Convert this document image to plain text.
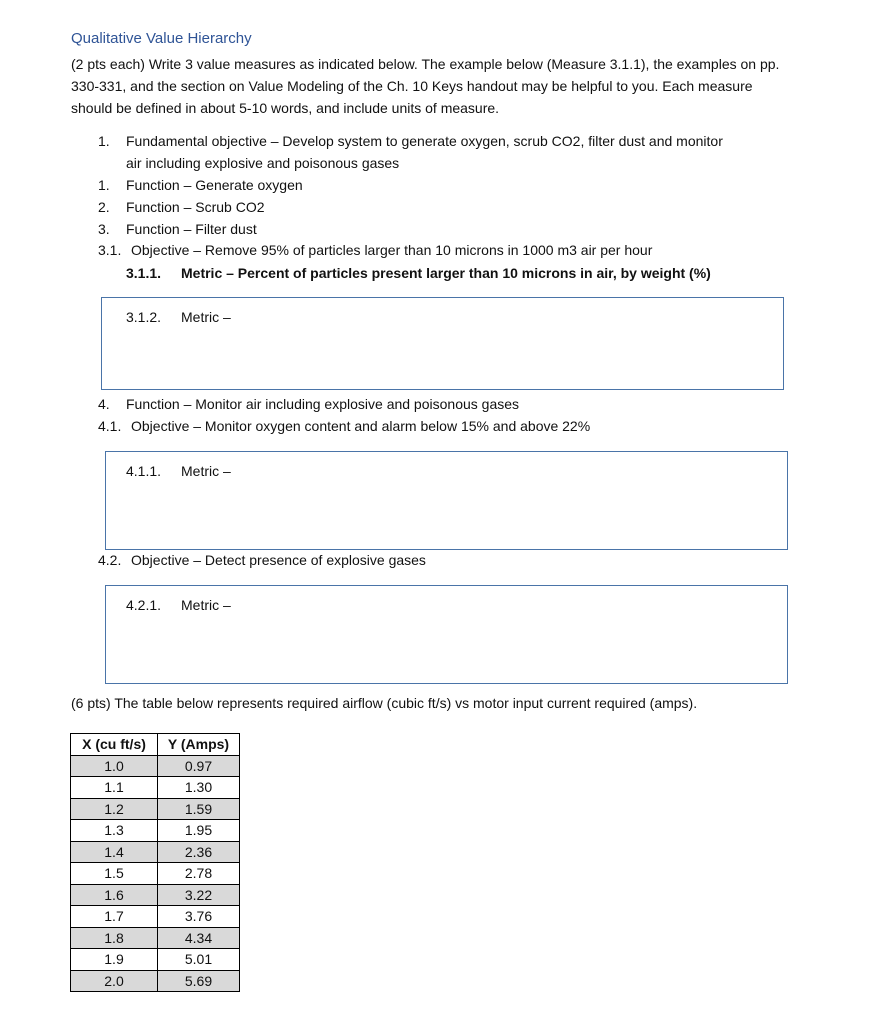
Qualitative Value Hierarchy
(2 pts each) Write 3 value measures as indicated below. The example below (Measure 3.1.1), the examples on pp. 330-331, and the section on Value Modeling of the Ch. 10 Keys handout may be helpful to you. Each measure should be defined in about 5-10 words, and include units of measure.
1. Fundamental objective – Develop system to generate oxygen, scrub CO2, filter dust and monitor
air including explosive and poisonous gases
1. Function – Generate oxygen
2. Function – Scrub CO2
3. Function – Filter dust
3.1. Objective – Remove 95% of particles larger than 10 microns in 1000 m3 air per hour
3.1.1. Metric – Percent of particles present larger than 10 microns in air, by weight (%)
3.1.2. Metric –
4. Function – Monitor air including explosive and poisonous gases
4.1. Objective – Monitor oxygen content and alarm below 15% and above 22%
4.1.1. Metric –
4.2. Objective – Detect presence of explosive gases
4.2.1. Metric –
(6 pts) The table below represents required airflow (cubic ft/s) vs motor input current required (amps).
X (cu ft/s)	Y (Amps)
1.0	0.97
1.1	1.30
1.2	1.59
1.3	1.95
1.4	2.36
1.5	2.78
1.6	3.22
1.7	3.76
1.8	4.34
1.9	5.01
2.0	5.69
